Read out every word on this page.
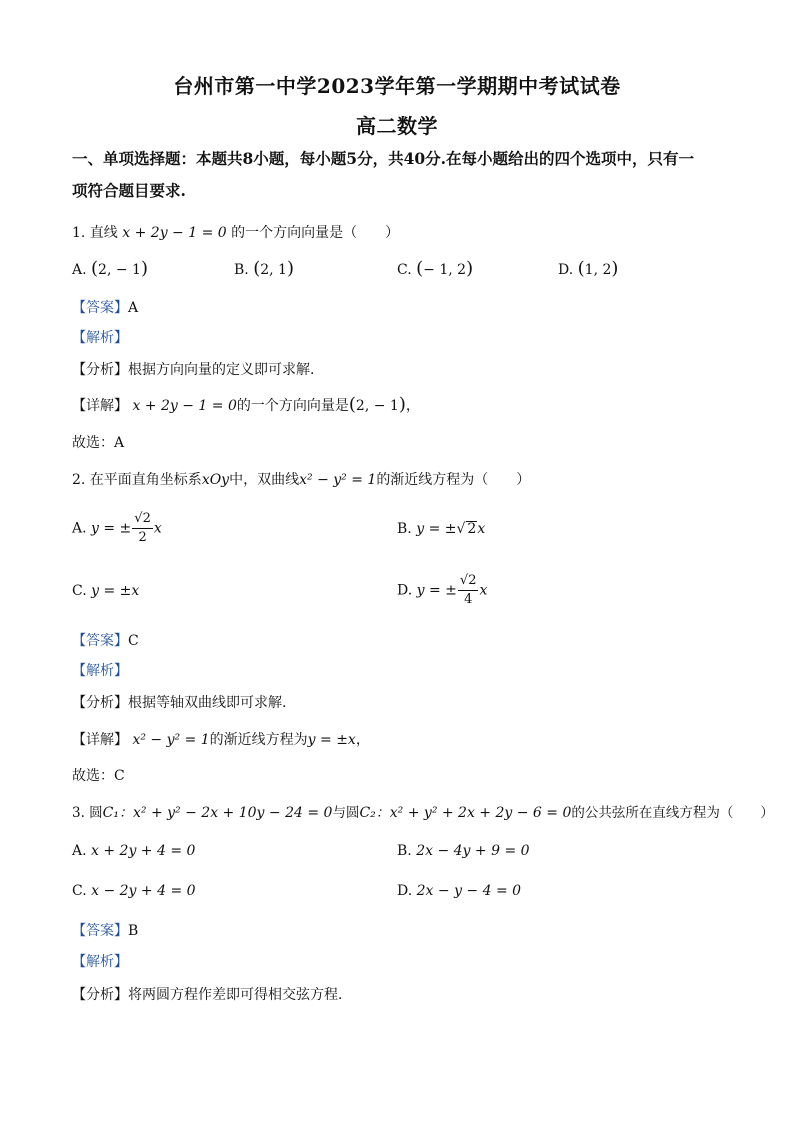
台州市第一中学2023学年第一学期期中考试试卷
高二数学
一、单项选择题：本题共8小题，每小题5分，共40分.在每小题给出的四个选项中，只有一
项符合题目要求.
1. 直线 x + 2y − 1 = 0 的一个方向向量是（　　）
A. (2, − 1)	B. (2, 1)	C. (− 1, 2)	D. (1, 2)
【答案】A
【解析】
【分析】根据方向向量的定义即可求解.
【详解】 x + 2y − 1 = 0的一个方向向量是(2, − 1)，
故选：A
2. 在平面直角坐标系xOy中，双曲线x² − y² = 1的渐近线方程为（　　）
A. y = ± $\frac{√2}{2}$ x	B. y = ±√ 2x
C. y = ±x	D. y = ± $\frac{√2}{4}$ x
【答案】C
【解析】
【分析】根据等轴双曲线即可求解.
【详解】 x² − y² = 1的渐近线方程为y = ±x，
故选：C
3. 圆C₁：x² + y² − 2x + 10y − 24 = 0与圆C₂：x² + y² + 2x + 2y − 6 = 0的公共弦所在直线方程为（　　）
A. x + 2y + 4 = 0	B. 2x − 4y + 9 = 0
C. x − 2y + 4 = 0	D. 2x − y − 4 = 0
【答案】B
【解析】
【分析】将两圆方程作差即可得相交弦方程.
